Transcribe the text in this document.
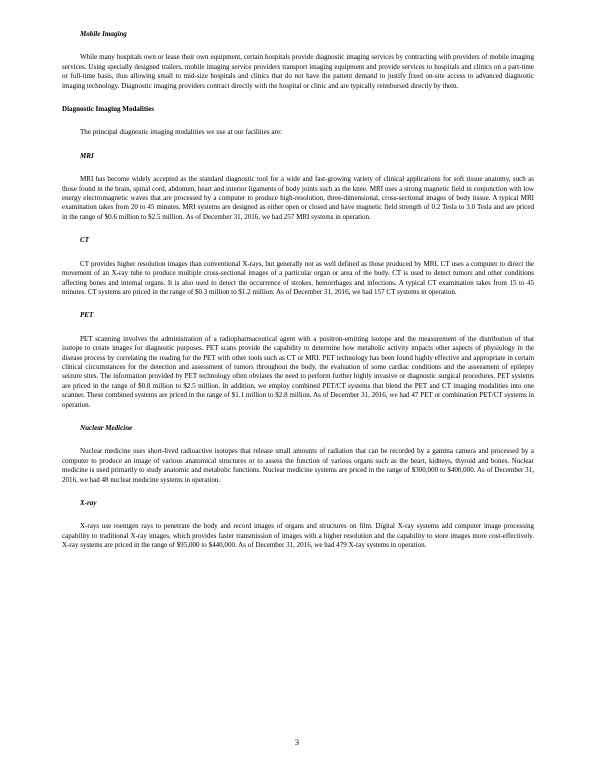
Mobile Imaging

While many hospitals own or lease their own equipment, certain hospitals provide diagnostic imaging services by contracting with providers of mobile imaging services. Using specially designed trailers, mobile imaging service providers transport imaging equipment and provide services to hospitals and clinics on a part-time or full-time basis, thus allowing small to mid-size hospitals and clinics that do not have the patient demand to justify fixed on-site access to advanced diagnostic imaging technology. Diagnostic imaging providers contract directly with the hospital or clinic and are typically reimbursed directly by them.

Diagnostic Imaging Modalities

The principal diagnostic imaging modalities we use at our facilities are:

MRI

MRI has become widely accepted as the standard diagnostic tool for a wide and fast-growing variety of clinical applications for soft tissue anatomy, such as those found in the brain, spinal cord, abdomen, heart and interior ligaments of body joints such as the knee. MRI uses a strong magnetic field in conjunction with low energy electromagnetic waves that are processed by a computer to produce high-resolution, three-dimensional, cross-sectional images of body tissue. A typical MRI examination takes from 20 to 45 minutes. MRI systems are designed as either open or closed and have magnetic field strength of 0.2 Tesla to 3.0 Tesla and are priced in the range of $0.6 million to $2.5 million. As of December 31, 2016, we had 257 MRI systems in operation.

CT

CT provides higher resolution images than conventional X-rays, but generally not as well defined as those produced by MRI. CT uses a computer to direct the movement of an X-ray tube to produce multiple cross-sectional images of a particular organ or area of the body. CT is used to detect tumors and other conditions affecting bones and internal organs. It is also used to detect the occurrence of strokes, hemorrhages and infections. A typical CT examination takes from 15 to 45 minutes. CT systems are priced in the range of $0.3 million to $1.2 million. As of December 31, 2016, we had 157 CT systems in operation.

PET

PET scanning involves the administration of a radiopharmaceutical agent with a positron-emitting isotope and the measurement of the distribution of that isotope to create images for diagnostic purposes. PET scans provide the capability to determine how metabolic activity impacts other aspects of physiology in the disease process by correlating the reading for the PET with other tools such as CT or MRI. PET technology has been found highly effective and appropriate in certain clinical circumstances for the detection and assessment of tumors throughout the body, the evaluation of some cardiac conditions and the assessment of epilepsy seizure sites. The information provided by PET technology often obviates the need to perform further highly invasive or diagnostic surgical procedures. PET systems are priced in the range of $0.8 million to $2.5 million. In addition, we employ combined PET/CT systems that blend the PET and CT imaging modalities into one scanner. These combined systems are priced in the range of $1.1 million to $2.8 million. As of December 31, 2016, we had 47 PET or combination PET/CT systems in operation.

Nuclear Medicine

Nuclear medicine uses short-lived radioactive isotopes that release small amounts of radiation that can be recorded by a gamma camera and processed by a computer to produce an image of various anatomical structures or to assess the function of various organs such as the heart, kidneys, thyroid and bones. Nuclear medicine is used primarily to study anatomic and metabolic functions. Nuclear medicine systems are priced in the range of $300,000 to $400,000. As of December 31, 2016, we had 48 nuclear medicine systems in operation.

X-ray

X-rays use roentgen rays to penetrate the body and record images of organs and structures on film. Digital X-ray systems add computer image processing capability to traditional X-ray images, which provides faster transmission of images with a higher resolution and the capability to store images more cost-effectively. X-ray systems are priced in the range of $95,000 to $440,000. As of December 31, 2016, we had 479 X-ray systems in operation.

3
